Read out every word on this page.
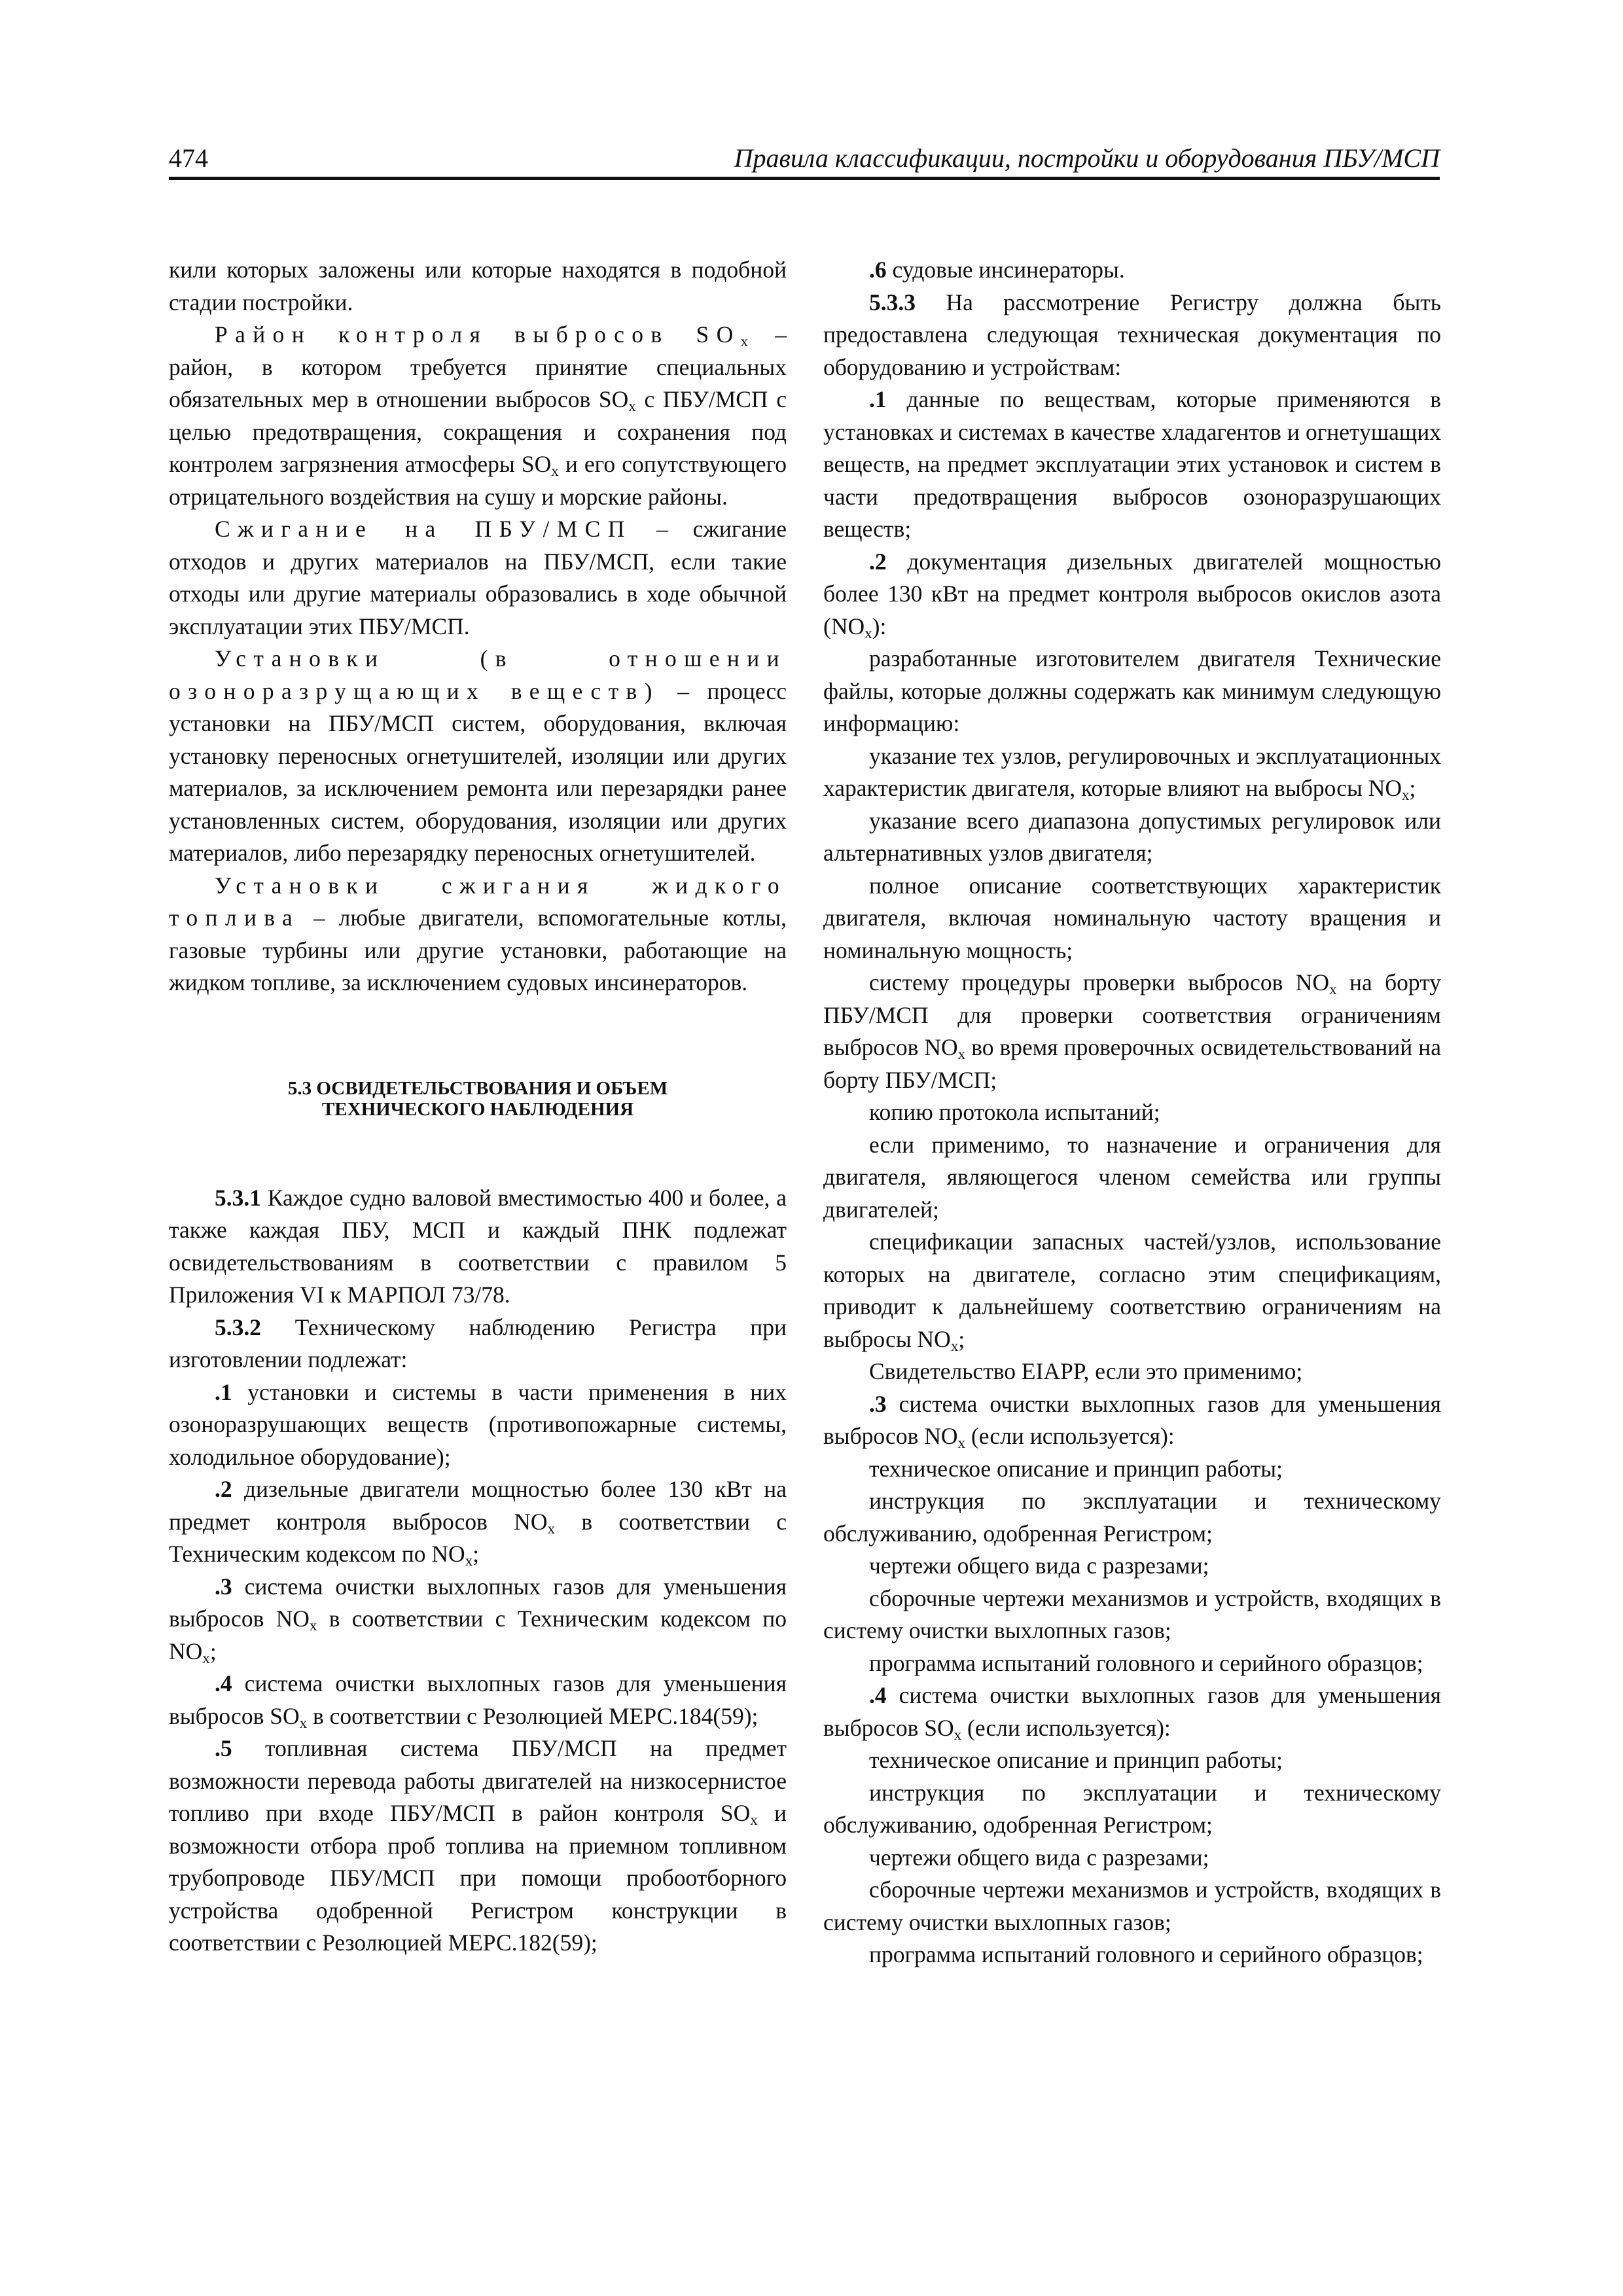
474	Правила классификации, постройки и оборудования ПБУ/МСП

кили которых заложены или которые находятся в подобной стадии постройки.

Район контроля выбросов $SO_x$ – район, в котором требуется принятие специальных обязательных мер в отношении выбросов $SO_x$ с ПБУ/МСП с целью предотвращения, сокращения и сохранения под контролем загрязнения атмосферы $SO_x$ и его сопутствующего отрицательного воздействия на сушу и морские районы.

Сжигание на ПБУ/МСП – сжигание отходов и других материалов на ПБУ/МСП, если такие отходы или другие материалы образовались в ходе обычной эксплуатации этих ПБУ/МСП.

Установки (в отношении озоноразрущающих веществ) – процесс установки на ПБУ/МСП систем, оборудования, включая установку переносных огнетушителей, изоляции или других материалов, за исключением ремонта или перезарядки ранее установленных систем, оборудования, изоляции или других материалов, либо перезарядку переносных огнетушителей.

Установки сжигания жидкого топлива – любые двигатели, вспомогательные котлы, газовые турбины или другие установки, работающие на жидком топливе, за исключением судовых инсинераторов.

5.3 ОСВИДЕТЕЛЬСТВОВАНИЯ И ОБЪЕМ
ТЕХНИЧЕСКОГО НАБЛЮДЕНИЯ

5.3.1 Каждое судно валовой вместимостью 400 и более, а также каждая ПБУ, МСП и каждый ПНК подлежат освидетельствованиям в соответствии с правилом 5 Приложения VI к МАРПОЛ 73/78.

5.3.2 Техническому наблюдению Регистра при изготовлении подлежат:

.1 установки и системы в части применения в них озоноразрушающих веществ (противопожарные системы, холодильное оборудование);

.2 дизельные двигатели мощностью более 130 кВт на предмет контроля выбросов $NO_x$ в соответствии с Техническим кодексом по $NO_x$;

.3 система очистки выхлопных газов для уменьшения выбросов $NO_x$ в соответствии с Техническим кодексом по $NO_x$;

.4 система очистки выхлопных газов для уменьшения выбросов $SO_x$ в соответствии с Резолюцией МЕРС.184(59);

.5 топливная система ПБУ/МСП на предмет возможности перевода работы двигателей на низкосернистое топливо при входе ПБУ/МСП в район контроля $SO_x$ и возможности отбора проб топлива на приемном топливном трубопроводе ПБУ/МСП при помощи пробоотборного устройства одобренной Регистром конструкции в соответствии с Резолюцией МЕРС.182(59);

.6 судовые инсинераторы.

5.3.3 На рассмотрение Регистру должна быть предоставлена следующая техническая документация по оборудованию и устройствам:

.1 данные по веществам, которые применяются в установках и системах в качестве хладагентов и огнетушащих веществ, на предмет эксплуатации этих установок и систем в части предотвращения выбросов озоноразрушающих веществ;

.2 документация дизельных двигателей мощностью более 130 кВт на предмет контроля выбросов окислов азота $(NO_x)$:

разработанные изготовителем двигателя Технические файлы, которые должны содержать как минимум следующую информацию:

указание тех узлов, регулировочных и эксплуатационных характеристик двигателя, которые влияют на выбросы $NO_x$;

указание всего диапазона допустимых регулировок или альтернативных узлов двигателя;

полное описание соответствующих характеристик двигателя, включая номинальную частоту вращения и номинальную мощность;

систему процедуры проверки выбросов $NO_x$ на борту ПБУ/МСП для проверки соответствия ограничениям выбросов $NO_x$ во время проверочных освидетельствований на борту ПБУ/МСП;

копию протокола испытаний;

если применимо, то назначение и ограничения для двигателя, являющегося членом семейства или группы двигателей;

спецификации запасных частей/узлов, использование которых на двигателе, согласно этим спецификациям, приводит к дальнейшему соответствию ограничениям на выбросы $NO_x$;

Свидетельство EIAPP, если это применимо;

.3 система очистки выхлопных газов для уменьшения выбросов $NO_x$ (если используется):

техническое описание и принцип работы;

инструкция по эксплуатации и техническому обслуживанию, одобренная Регистром;

чертежи общего вида с разрезами;

сборочные чертежи механизмов и устройств, входящих в систему очистки выхлопных газов;

программа испытаний головного и серийного образцов;

.4 система очистки выхлопных газов для уменьшения выбросов $SO_x$ (если используется):

техническое описание и принцип работы;

инструкция по эксплуатации и техническому обслуживанию, одобренная Регистром;

чертежи общего вида с разрезами;

сборочные чертежи механизмов и устройств, входящих в систему очистки выхлопных газов;

программа испытаний головного и серийного образцов;
